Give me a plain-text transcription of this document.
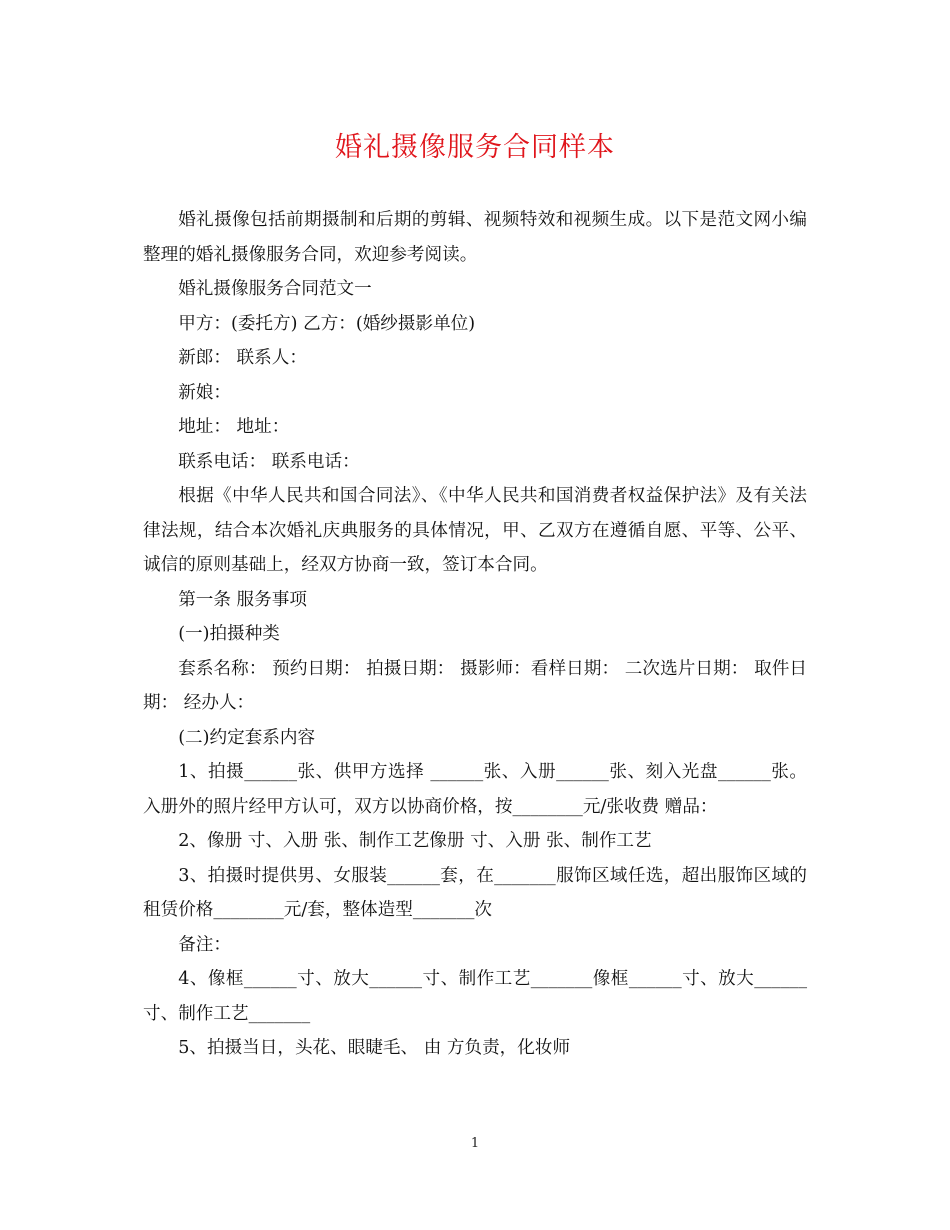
婚礼摄像服务合同样本

婚礼摄像包括前期摄制和后期的剪辑、视频特效和视频生成。以下是范文网小编整理的婚礼摄像服务合同，欢迎参考阅读。

婚礼摄像服务合同范文一

甲方：(委托方) 乙方：(婚纱摄影单位)

新郎： 联系人：

新娘：

地址： 地址：

联系电话： 联系电话：

根据《中华人民共和国合同法》、《中华人民共和国消费者权益保护法》及有关法律法规，结合本次婚礼庆典服务的具体情况，甲、乙双方在遵循自愿、平等、公平、诚信的原则基础上，经双方协商一致，签订本合同。

第一条 服务事项

(一)拍摄种类

套系名称： 预约日期： 拍摄日期： 摄影师：看样日期： 二次选片日期： 取件日期： 经办人：

(二)约定套系内容

1、拍摄______张、供甲方选择 ______张、入册______张、刻入光盘______张。入册外的照片经甲方认可，双方以协商价格，按________元/张收费 赠品：

2、像册 寸、入册 张、制作工艺像册 寸、入册 张、制作工艺

3、拍摄时提供男、女服装______套，在_______服饰区域任选，超出服饰区域的租赁价格________元/套，整体造型_______次

备注：

4、像框______寸、放大______寸、制作工艺_______像框______寸、放大______寸、制作工艺_______

5、拍摄当日，头花、眼睫毛、 由 方负责，化妆师

1
